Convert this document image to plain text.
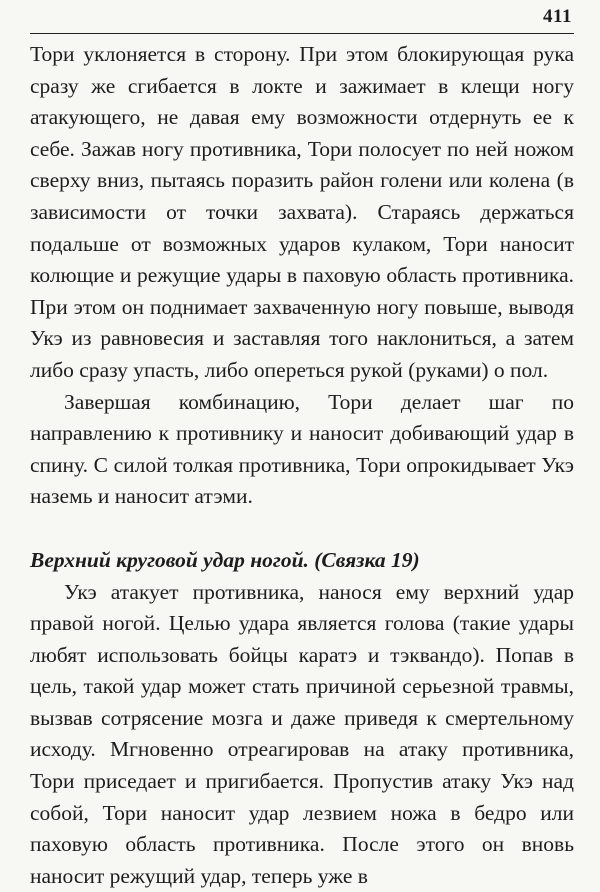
411

Тори уклоняется в сторону. При этом блокирующая рука сразу же сгибается в локте и зажимает в клещи ногу атакующего, не давая ему возможности отдернуть ее к себе. Зажав ногу противника, Тори полосует по ней ножом сверху вниз, пытаясь поразить район голени или колена (в зависимости от точки захвата). Стараясь держаться подальше от возможных ударов кулаком, Тори наносит колющие и режущие удары в паховую область противника. При этом он поднимает захваченную ногу повыше, выводя Укэ из равновесия и заставляя того наклониться, а затем либо сразу упасть, либо опереться рукой (руками) о пол.

Завершая комбинацию, Тори делает шаг по направлению к противнику и наносит добивающий удар в спину. С силой толкая противника, Тори опрокидывает Укэ наземь и наносит атэми.

Верхний круговой удар ногой. (Связка 19)

Укэ атакует противника, нанося ему верхний удар правой ногой. Целью удара является голова (такие удары любят использовать бойцы каратэ и тэквандо). Попав в цель, такой удар может стать причиной серьезной травмы, вызвав сотрясение мозга и даже приведя к смертельному исходу. Мгновенно отреагировав на атаку противника, Тори приседает и пригибается. Пропустив атаку Укэ над собой, Тори наносит удар лезвием ножа в бедро или паховую область противника. После этого он вновь наносит режущий удар, теперь уже в
